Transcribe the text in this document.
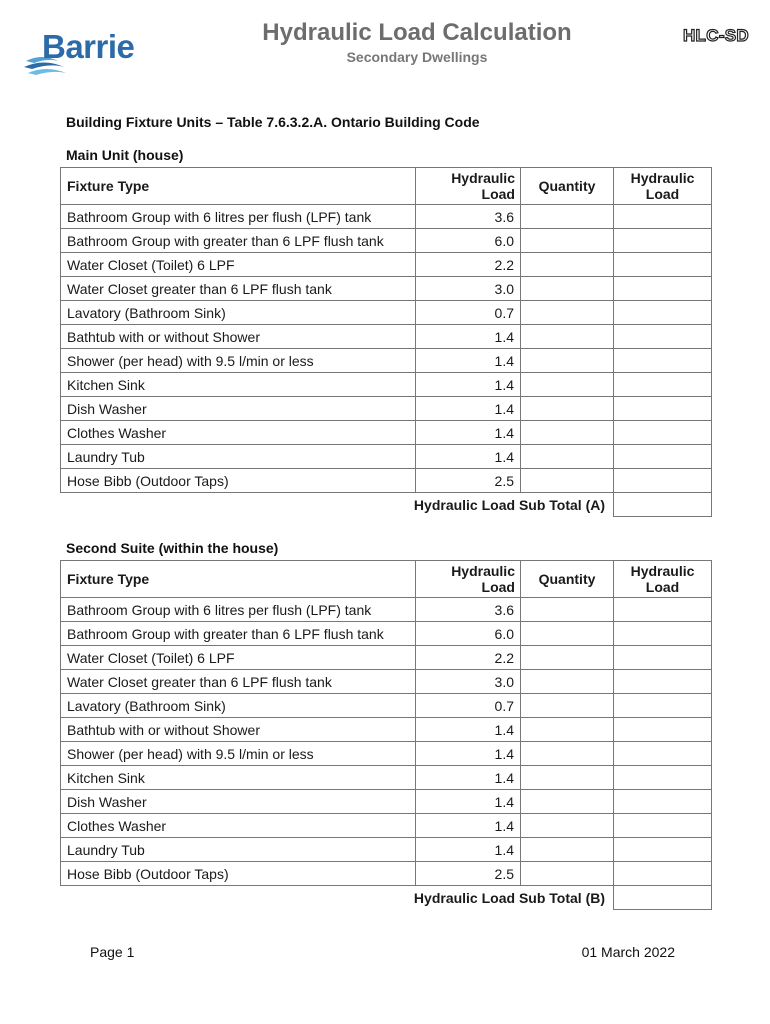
Barrie	Hydraulic Load Calculation
Secondary Dwellings
HLC-SD
Building Fixture Units – Table 7.6.3.2.A. Ontario Building Code
Main Unit (house)
Fixture Type	Hydraulic Load	Quantity	Hydraulic Load
Bathroom Group with 6 litres per flush (LPF) tank	3.6		
Bathroom Group with greater than 6 LPF flush tank	6.0		
Water Closet (Toilet) 6 LPF	2.2		
Water Closet greater than 6 LPF flush tank	3.0		
Lavatory (Bathroom Sink)	0.7		
Bathtub with or without Shower	1.4		
Shower (per head) with 9.5 l/min or less	1.4		
Kitchen Sink	1.4		
Dish Washer	1.4		
Clothes Washer	1.4		
Laundry Tub	1.4		
Hose Bibb (Outdoor Taps)	2.5		
Hydraulic Load Sub Total (A)			
Second Suite (within the house)
Fixture Type	Hydraulic Load	Quantity	Hydraulic Load
Bathroom Group with 6 litres per flush (LPF) tank	3.6		
Bathroom Group with greater than 6 LPF flush tank	6.0		
Water Closet (Toilet) 6 LPF	2.2		
Water Closet greater than 6 LPF flush tank	3.0		
Lavatory (Bathroom Sink)	0.7		
Bathtub with or without Shower	1.4		
Shower (per head) with 9.5 l/min or less	1.4		
Kitchen Sink	1.4		
Dish Washer	1.4		
Clothes Washer	1.4		
Laundry Tub	1.4		
Hose Bibb (Outdoor Taps)	2.5		
Hydraulic Load Sub Total (B)			
Page 1	01 March 2022
